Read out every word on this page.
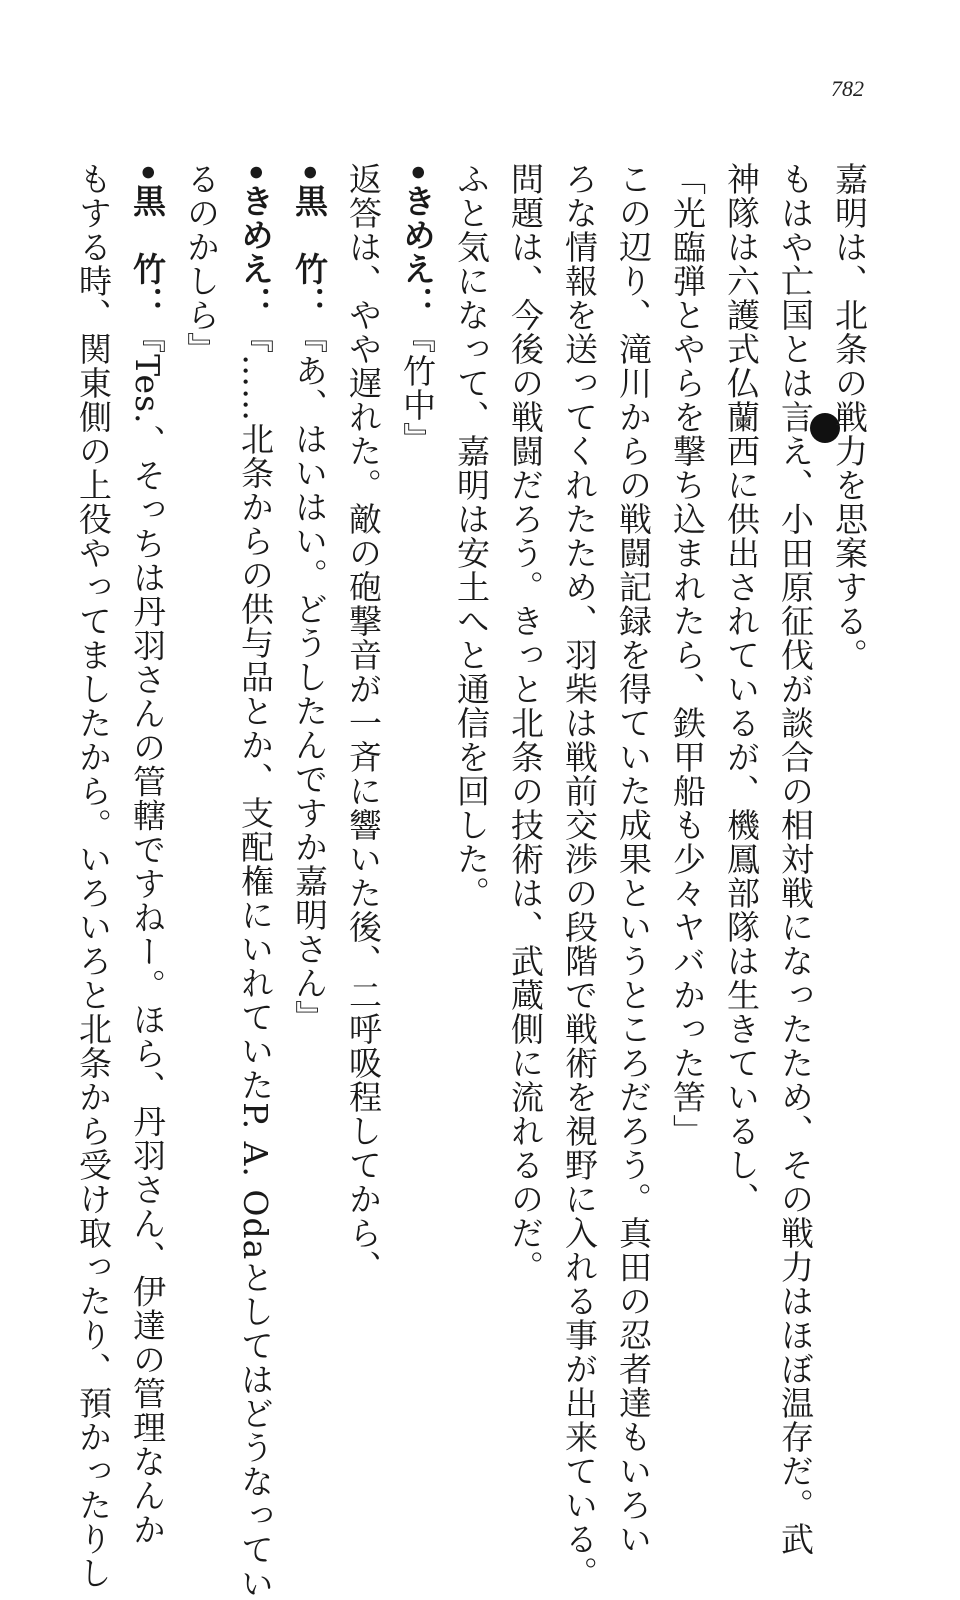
782
嘉明は、北条の戦力を思案する。
もはや亡国とは言え、小田原征伐が談合の相対戦になったため、その戦力はほぼ温存だ。武
神隊は六護式仏蘭西に供出されているが、機鳳部隊は生きているし、
「光臨弾とやらを撃ち込まれたら、鉄甲船も少々ヤバかった筈」
この辺り、滝川からの戦闘記録を得ていた成果というところだろう。真田の忍者達もいろい
ろな情報を送ってくれたため、羽柴は戦前交渉の段階で戦術を視野に入れる事が出来ている。
問題は、今後の戦闘だろう。きっと北条の技術は、武蔵側に流れるのだ。
ふと気になって、嘉明は安土へと通信を回した。
•きめえ：『竹中』
返答は、やや遅れた。敵の砲撃音が一斉に響いた後、二呼吸程してから、
•黒　竹：『あ、はいはい。どうしたんですか嘉明さん』
•きめえ：『……北条からの供与品とか、支配権にいれていたP. A. Odaとしてはどうなってい
るのかしら』
•黒　竹：『Tes.、そっちは丹羽さんの管轄ですねー。ほら、丹羽さん、伊達の管理なんか
もする時、関東側の上役やってましたから。いろいろと北条から受け取ったり、預かったりし
